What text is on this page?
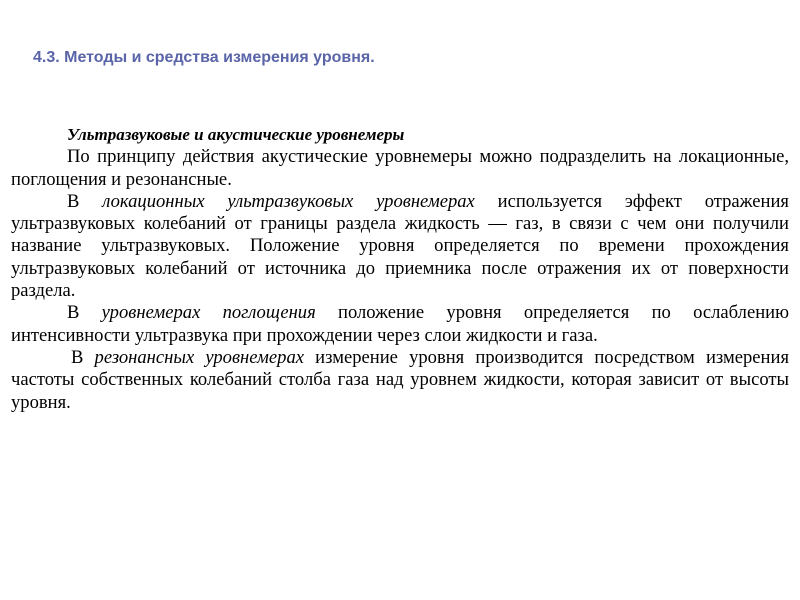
4.3. Методы и средства измерения уровня.

Ультразвуковые и акустические уровнемеры

По принципу действия акустические уровнемеры можно подразделить на локационные, поглощения и резонансные.

В локационных ультразвуковых уровнемерах используется эффект отражения ультразвуковых колебаний от границы раздела жидкость — газ, в связи с чем они получили название ультразвуковых. Положение уровня определяется по времени прохождения ультразвуковых колебаний от источника до приемника после отражения их от поверхности раздела.

В уровнемерах поглощения положение уровня определяется по ослаблению интенсивности ультразвука при прохождении через слои жидкости и газа.

В резонансных уровнемерах измерение уровня производится посредством измерения частоты собственных колебаний столба газа над уровнем жидкости, которая зависит от высоты уровня.
